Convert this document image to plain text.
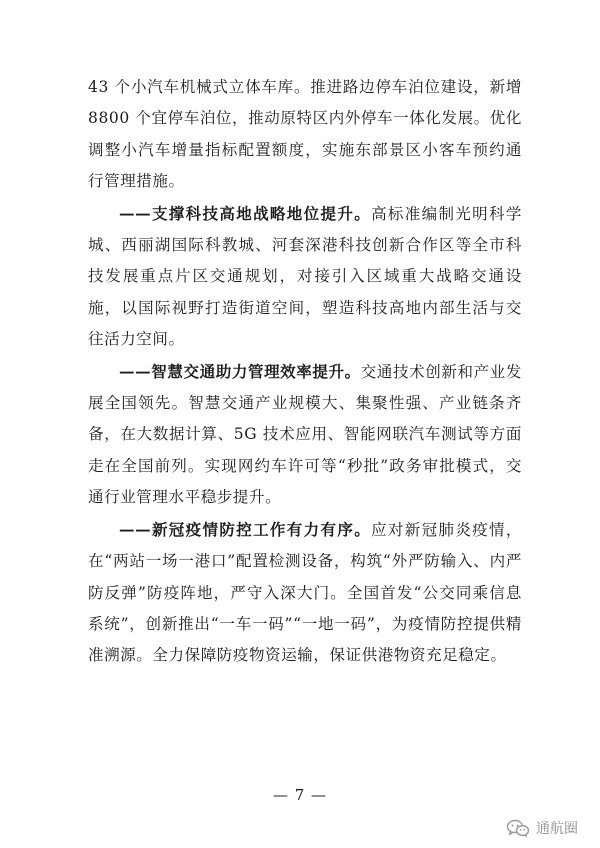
43 个小汽车机械式立体车库。推进路边停车泊位建设，新增 8800 个宜停车泊位，推动原特区内外停车一体化发展。优化调整小汽车增量指标配置额度，实施东部景区小客车预约通行管理措施。

——支撑科技高地战略地位提升。高标准编制光明科学城、西丽湖国际科教城、河套深港科技创新合作区等全市科技发展重点片区交通规划，对接引入区域重大战略交通设施，以国际视野打造街道空间，塑造科技高地内部生活与交往活力空间。

——智慧交通助力管理效率提升。交通技术创新和产业发展全国领先。智慧交通产业规模大、集聚性强、产业链条齐备，在大数据计算、5G 技术应用、智能网联汽车测试等方面走在全国前列。实现网约车许可等“秒批”政务审批模式，交通行业管理水平稳步提升。

——新冠疫情防控工作有力有序。应对新冠肺炎疫情，在“两站一场一港口”配置检测设备，构筑“外严防输入、内严防反弹”防疫阵地，严守入深大门。全国首发“公交同乘信息系统”，创新推出“一车一码”“一地一码”，为疫情防控提供精准溯源。全力保障防疫物资运输，保证供港物资充足稳定。

— 7 —
通航圈
